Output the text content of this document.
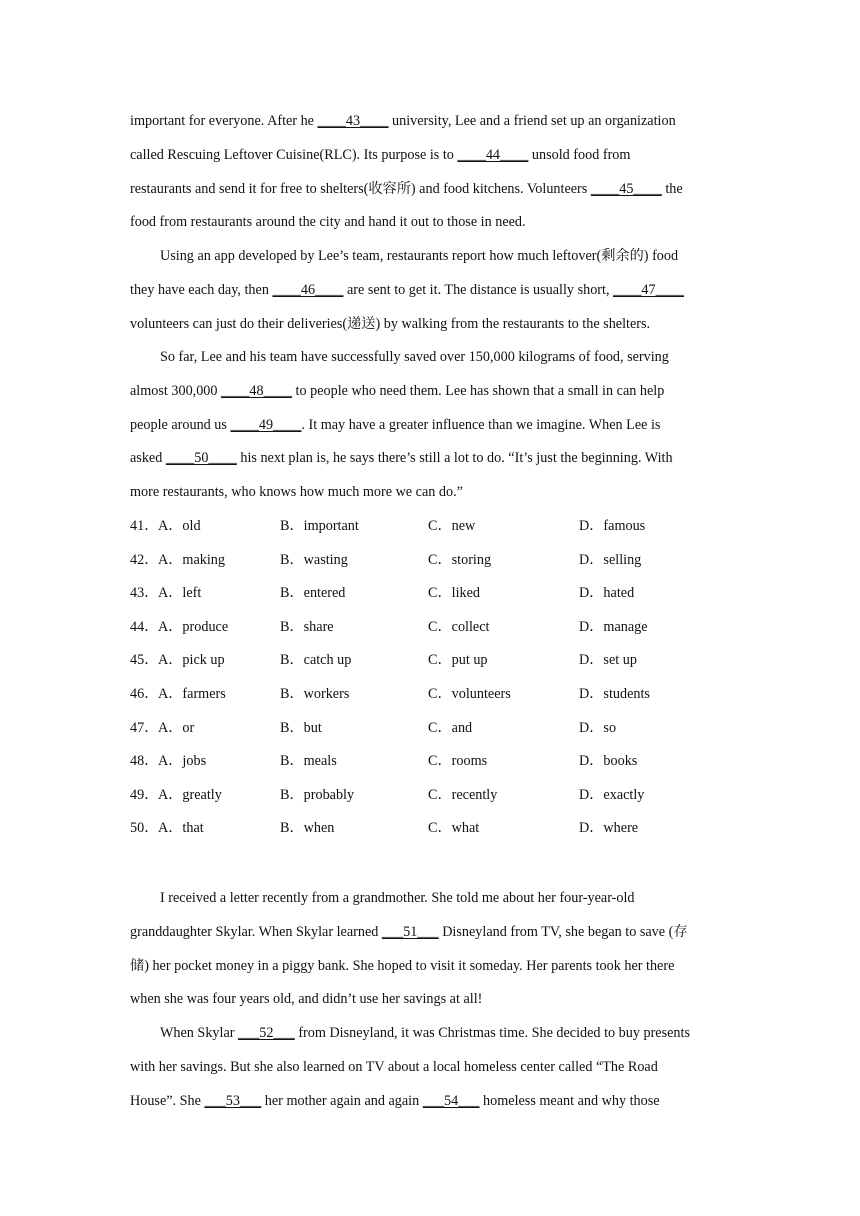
important for everyone. After he ____43____ university, Lee and a friend set up an organization
called Rescuing Leftover Cuisine(RLC). Its purpose is to ____44____ unsold food from
restaurants and send it for free to shelters(收容所) and food kitchens. Volunteers ____45____ the
food from restaurants around the city and hand it out to those in need.
Using an app developed by Lee’s team, restaurants report how much leftover(剩余的) food
they have each day, then ____46____ are sent to get it. The distance is usually short, ____47____
volunteers can just do their deliveries(递送) by walking from the restaurants to the shelters.
So far, Lee and his team have successfully saved over 150,000 kilograms of food, serving
almost 300,000 ____48____ to people who need them. Lee has shown that a small in can help
people around us ____49____. It may have a greater influence than we imagine. When Lee is
asked ____50____ his next plan is, he says there’s still a lot to do. “It’s just the beginning. With
more restaurants, who knows how much more we can do.”
41． A．old	B．important	C．new	D．famous
42． A．making	B．wasting	C．storing	D．selling
43． A．left	B．entered	C．liked	D．hated
44． A．produce	B．share	C．collect	D．manage
45． A．pick up	B．catch up	C．put up	D．set up
46． A．farmers	B．workers	C．volunteers	D．students
47． A．or	B．but	C．and	D．so
48． A．jobs	B．meals	C．rooms	D．books
49． A．greatly	B．probably	C．recently	D．exactly
50． A．that	B．when	C．what	D．where
I received a letter recently from a grandmother. She told me about her four-year-old
granddaughter Skylar. When Skylar learned ___51___ Disneyland from TV, she began to save (存
储) her pocket money in a piggy bank. She hoped to visit it someday. Her parents took her there
when she was four years old, and didn’t use her savings at all!
When Skylar ___52___ from Disneyland, it was Christmas time. She decided to buy presents
with her savings. But she also learned on TV about a local homeless center called “The Road
House”. She ___53___ her mother again and again ___54___ homeless meant and why those
